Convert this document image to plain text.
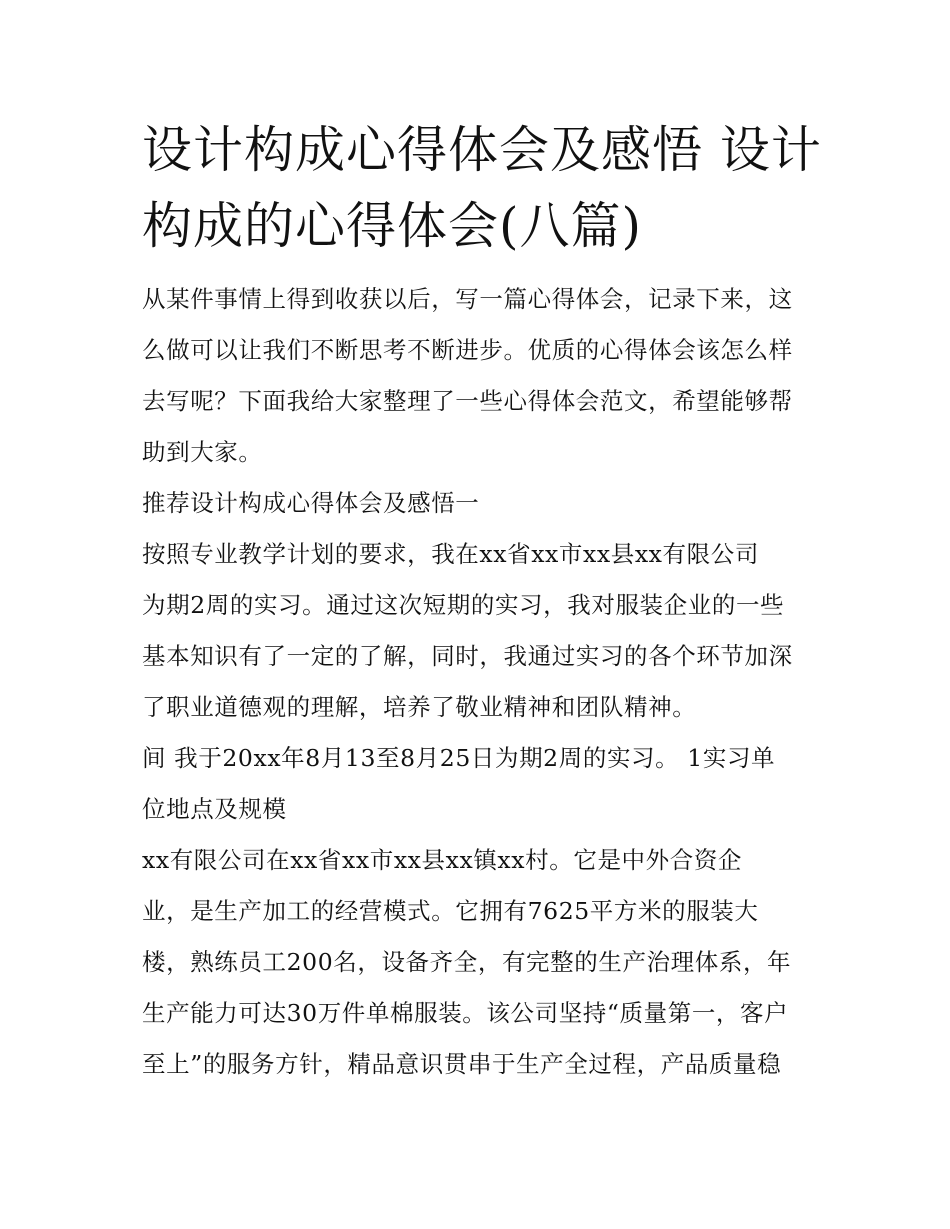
设计构成心得体会及感悟 设计
构成的心得体会(八篇)

从某件事情上得到收获以后，写一篇心得体会，记录下来，这
么做可以让我们不断思考不断进步。优质的心得体会该怎么样
去写呢？下面我给大家整理了一些心得体会范文，希望能够帮
助到大家。

推荐设计构成心得体会及感悟一

按照专业教学计划的要求，我在xx省xx市xx县xx有限公司
为期2周的实习。通过这次短期的实习，我对服装企业的一些
基本知识有了一定的了解，同时，我通过实习的各个环节加深
了职业道德观的理解，培养了敬业精神和团队精神。

间 我于20xx年8月13至8月25日为期2周的实习。 1实习单
位地点及规模

xx有限公司在xx省xx市xx县xx镇xx村。它是中外合资企
业，是生产加工的经营模式。它拥有7625平方米的服装大
楼，熟练员工200名，设备齐全，有完整的生产治理体系，年
生产能力可达30万件单棉服装。该公司坚持“质量第一，客户
至上”的服务方针，精品意识贯串于生产全过程，产品质量稳
